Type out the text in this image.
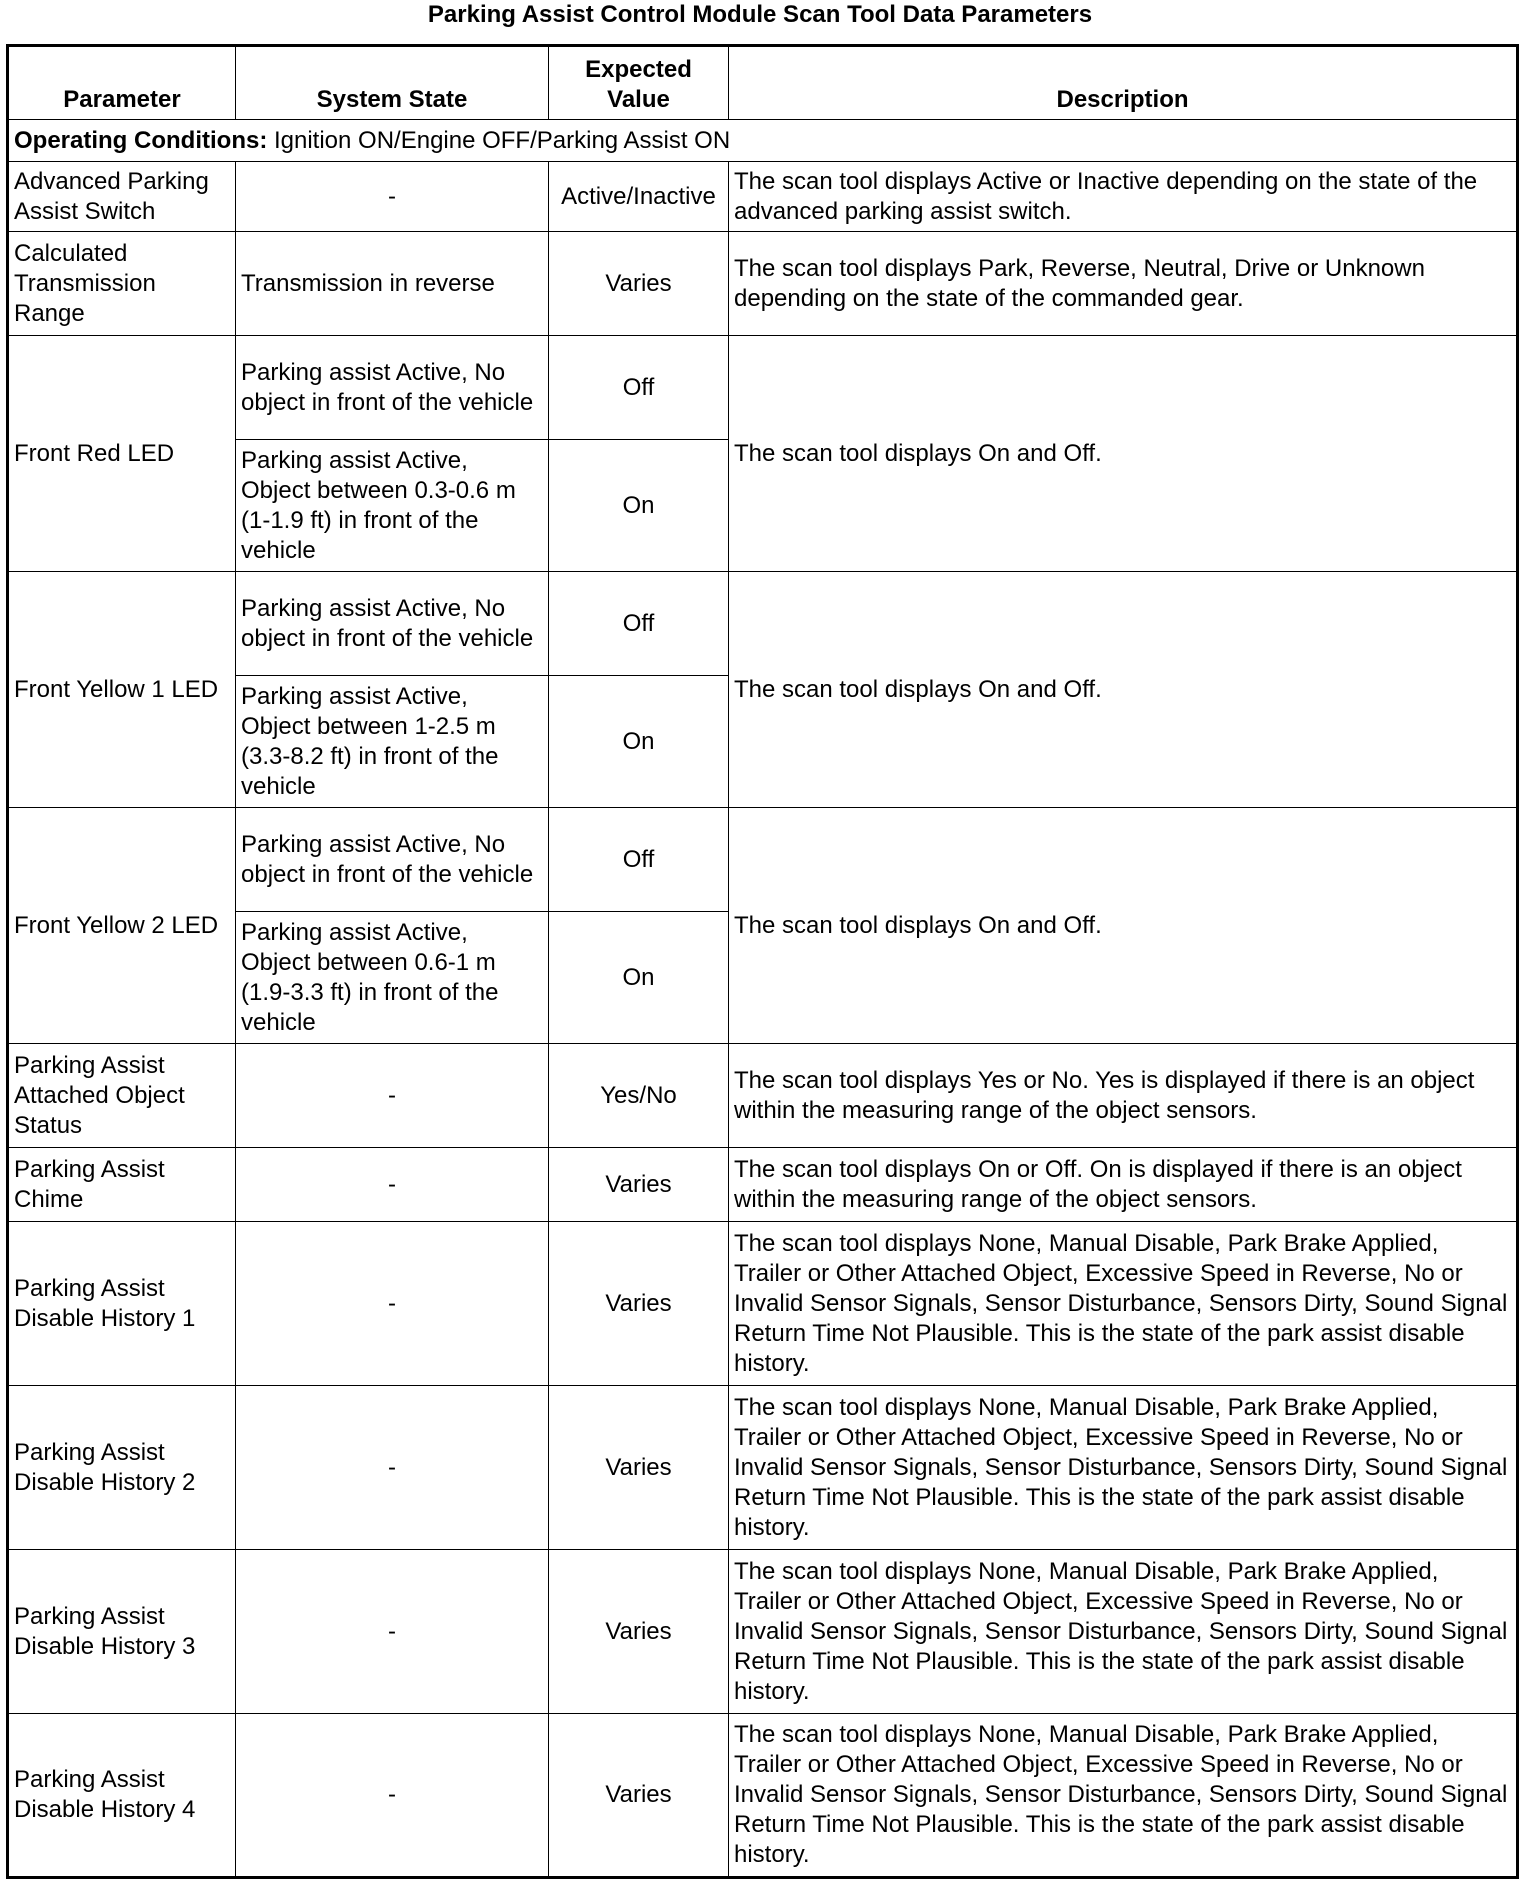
Parking Assist Control Module Scan Tool Data Parameters
Parameter	System State	Expected Value	Description
Operating Conditions: Ignition ON/Engine OFF/Parking Assist ON			
Advanced Parking Assist Switch	-	Active/Inactive	The scan tool displays Active or Inactive depending on the state of the advanced parking assist switch.
Calculated Transmission Range	Transmission in reverse	Varies	The scan tool displays Park, Reverse, Neutral, Drive or Unknown depending on the state of the commanded gear.
Front Red LED	Parking assist Active, No object in front of the vehicle	Off	The scan tool displays On and Off.
	Parking assist Active, Object between 0.3-0.6 m (1-1.9 ft) in front of the vehicle	On	
Front Yellow 1 LED	Parking assist Active, No object in front of the vehicle	Off	The scan tool displays On and Off.
	Parking assist Active, Object between 1-2.5 m (3.3-8.2 ft) in front of the vehicle	On	
Front Yellow 2 LED	Parking assist Active, No object in front of the vehicle	Off	The scan tool displays On and Off.
	Parking assist Active, Object between 0.6-1 m (1.9-3.3 ft) in front of the vehicle	On	
Parking Assist Attached Object Status	-	Yes/No	The scan tool displays Yes or No. Yes is displayed if there is an object within the measuring range of the object sensors.
Parking Assist Chime	-	Varies	The scan tool displays On or Off. On is displayed if there is an object within the measuring range of the object sensors.
Parking Assist Disable History 1	-	Varies	The scan tool displays None, Manual Disable, Park Brake Applied, Trailer or Other Attached Object, Excessive Speed in Reverse, No or Invalid Sensor Signals, Sensor Disturbance, Sensors Dirty, Sound Signal Return Time Not Plausible. This is the state of the park assist disable history.
Parking Assist Disable History 2	-	Varies	The scan tool displays None, Manual Disable, Park Brake Applied, Trailer or Other Attached Object, Excessive Speed in Reverse, No or Invalid Sensor Signals, Sensor Disturbance, Sensors Dirty, Sound Signal Return Time Not Plausible. This is the state of the park assist disable history.
Parking Assist Disable History 3	-	Varies	The scan tool displays None, Manual Disable, Park Brake Applied, Trailer or Other Attached Object, Excessive Speed in Reverse, No or Invalid Sensor Signals, Sensor Disturbance, Sensors Dirty, Sound Signal Return Time Not Plausible. This is the state of the park assist disable history.
Parking Assist Disable History 4	-	Varies	The scan tool displays None, Manual Disable, Park Brake Applied, Trailer or Other Attached Object, Excessive Speed in Reverse, No or Invalid Sensor Signals, Sensor Disturbance, Sensors Dirty, Sound Signal Return Time Not Plausible. This is the state of the park assist disable history.
